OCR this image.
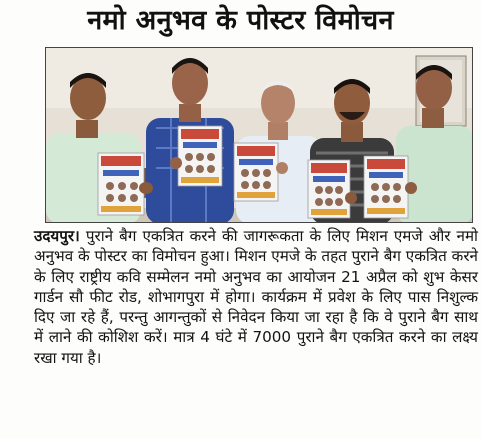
नमो अनुभव के पोस्टर विमोचन
उदयपुर। पुराने बैग एकत्रित करने की जागरूकता के लिए मिशन एमजे और नमो अनुभव के पोस्टर का विमोचन हुआ। मिशन एमजे के तहत पुराने बैग एकत्रित करने के लिए राष्ट्रीय कवि सम्मेलन नमो अनुभव का आयोजन 21 अप्रैल को शुभ केसर गार्डन सौ फीट रोड, शोभागपुरा में होगा। कार्यक्रम में प्रवेश के लिए पास निशुल्क दिए जा रहे हैं, परन्तु आगन्तुकों से निवेदन किया जा रहा है कि वे पुराने बैग साथ में लाने की कोशिश करें। मात्र 4 घंटे में 7000 पुराने बैग एकत्रित करने का लक्ष्य रखा गया है।
